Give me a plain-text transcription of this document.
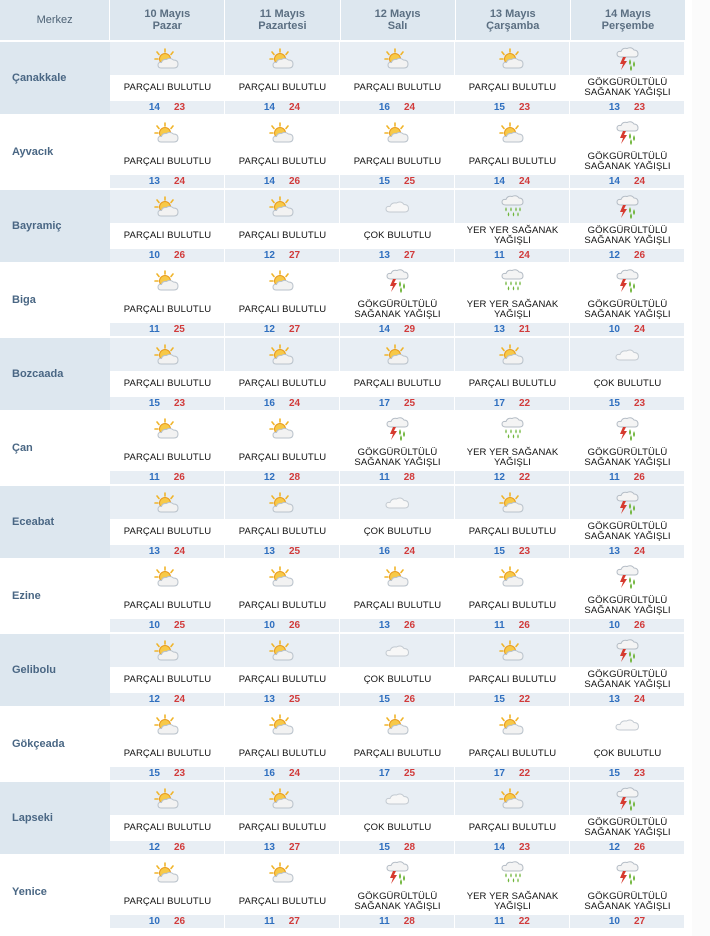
Merkez	10 Mayıs
Pazar
11 Mayıs
Pazartesi
12 Mayıs
Salı
13 Mayıs
Çarşamba
14 Mayıs
Perşembe
Çanakkale
PARÇALI BULUTLU
14 23
PARÇALI BULUTLU
14 24
PARÇALI BULUTLU
16 24
PARÇALI BULUTLU
15 23
GÖKGÜRÜLTÜLÜ
SAĞANAK YAĞIŞLI
13 23
Ayvacık
PARÇALI BULUTLU
13 24
PARÇALI BULUTLU
14 26
PARÇALI BULUTLU
15 25
PARÇALI BULUTLU
14 24
GÖKGÜRÜLTÜLÜ
SAĞANAK YAĞIŞLI
14 24
Bayramiç
PARÇALI BULUTLU
10 26
PARÇALI BULUTLU
12 27
ÇOK BULUTLU
13 27
YER YER SAĞANAK
YAĞIŞLI
11 24
GÖKGÜRÜLTÜLÜ
SAĞANAK YAĞIŞLI
12 26
Biga
PARÇALI BULUTLU
11 25
PARÇALI BULUTLU
12 27
GÖKGÜRÜLTÜLÜ
SAĞANAK YAĞIŞLI
14 29
YER YER SAĞANAK
YAĞIŞLI
13 21
GÖKGÜRÜLTÜLÜ
SAĞANAK YAĞIŞLI
10 24
Bozcaada
PARÇALI BULUTLU
15 23
PARÇALI BULUTLU
16 24
PARÇALI BULUTLU
17 25
PARÇALI BULUTLU
17 22
ÇOK BULUTLU
15 23
Çan
PARÇALI BULUTLU
11 26
PARÇALI BULUTLU
12 28
GÖKGÜRÜLTÜLÜ
SAĞANAK YAĞIŞLI
11 28
YER YER SAĞANAK
YAĞIŞLI
12 22
GÖKGÜRÜLTÜLÜ
SAĞANAK YAĞIŞLI
11 26
Eceabat
PARÇALI BULUTLU
13 24
PARÇALI BULUTLU
13 25
ÇOK BULUTLU
16 24
PARÇALI BULUTLU
15 23
GÖKGÜRÜLTÜLÜ
SAĞANAK YAĞIŞLI
13 24
Ezine
PARÇALI BULUTLU
10 25
PARÇALI BULUTLU
10 26
PARÇALI BULUTLU
13 26
PARÇALI BULUTLU
11 26
GÖKGÜRÜLTÜLÜ
SAĞANAK YAĞIŞLI
10 26
Gelibolu
PARÇALI BULUTLU
12 24
PARÇALI BULUTLU
13 25
ÇOK BULUTLU
15 26
PARÇALI BULUTLU
15 22
GÖKGÜRÜLTÜLÜ
SAĞANAK YAĞIŞLI
13 24
Gökçeada
PARÇALI BULUTLU
15 23
PARÇALI BULUTLU
16 24
PARÇALI BULUTLU
17 25
PARÇALI BULUTLU
17 22
ÇOK BULUTLU
15 23
Lapseki
PARÇALI BULUTLU
12 26
PARÇALI BULUTLU
13 27
ÇOK BULUTLU
15 28
PARÇALI BULUTLU
14 23
GÖKGÜRÜLTÜLÜ
SAĞANAK YAĞIŞLI
12 26
Yenice
PARÇALI BULUTLU
10 26
PARÇALI BULUTLU
11 27
GÖKGÜRÜLTÜLÜ
SAĞANAK YAĞIŞLI
11 28
YER YER SAĞANAK
YAĞIŞLI
11 22
GÖKGÜRÜLTÜLÜ
SAĞANAK YAĞIŞLI
10 27
